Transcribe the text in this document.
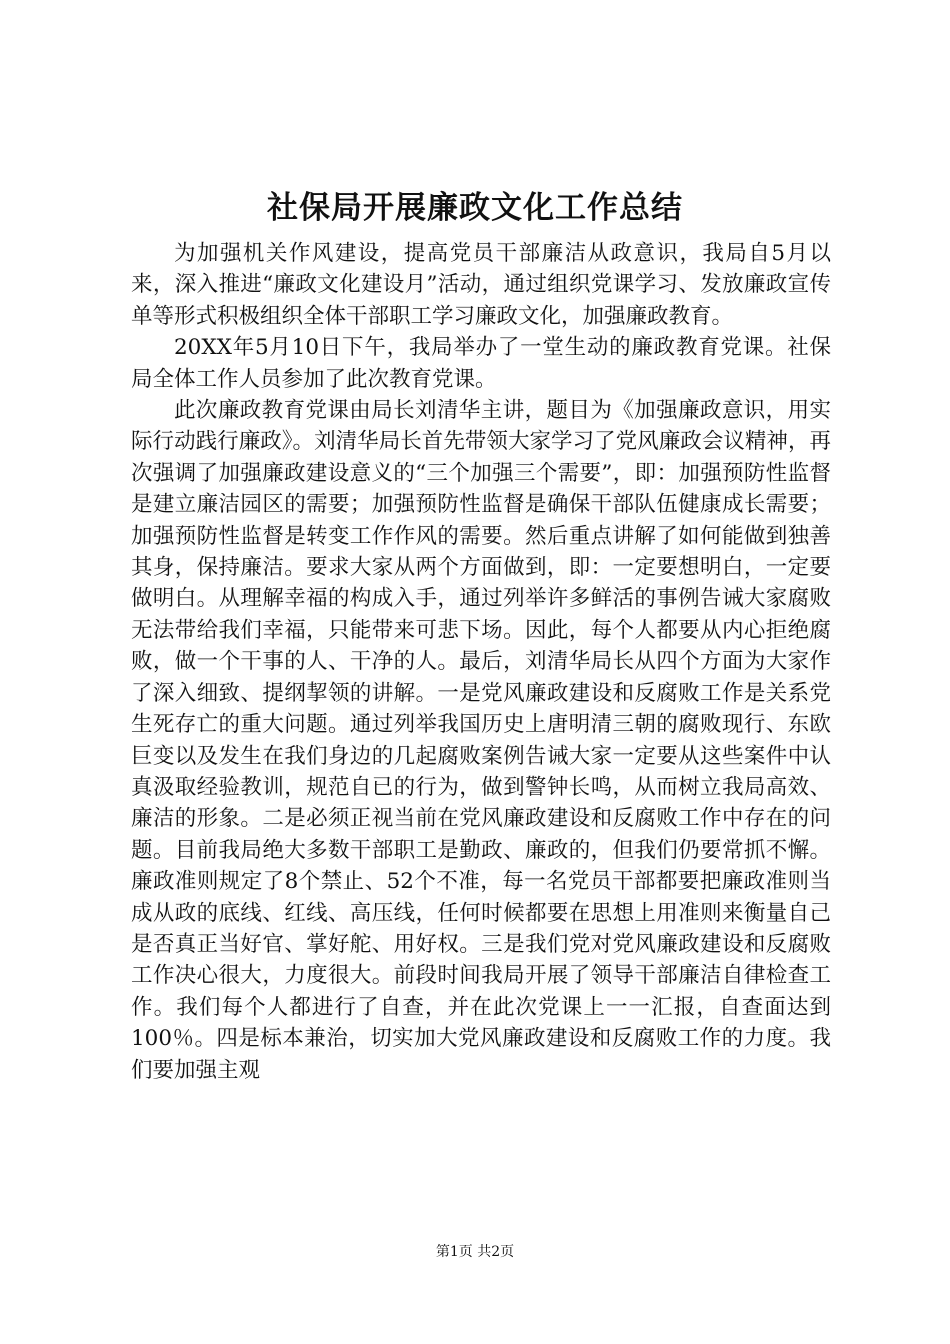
社保局开展廉政文化工作总结

为加强机关作风建设，提高党员干部廉洁从政意识，我局自5月以来，深入推进“廉政文化建设月”活动，通过组织党课学习、发放廉政宣传单等形式积极组织全体干部职工学习廉政文化，加强廉政教育。

20XX年5月10日下午，我局举办了一堂生动的廉政教育党课。社保局全体工作人员参加了此次教育党课。

此次廉政教育党课由局长刘清华主讲，题目为《加强廉政意识，用实际行动践行廉政》。刘清华局长首先带领大家学习了党风廉政会议精神，再次强调了加强廉政建设意义的“三个加强三个需要”，即：加强预防性监督是建立廉洁园区的需要；加强预防性监督是确保干部队伍健康成长需要；加强预防性监督是转变工作作风的需要。然后重点讲解了如何能做到独善其身，保持廉洁。要求大家从两个方面做到，即：一定要想明白，一定要做明白。从理解幸福的构成入手，通过列举许多鲜活的事例告诫大家腐败无法带给我们幸福，只能带来可悲下场。因此，每个人都要从内心拒绝腐败，做一个干事的人、干净的人。最后，刘清华局长从四个方面为大家作了深入细致、提纲挈领的讲解。一是党风廉政建设和反腐败工作是关系党生死存亡的重大问题。通过列举我国历史上唐明清三朝的腐败现行、东欧巨变以及发生在我们身边的几起腐败案例告诫大家一定要从这些案件中认真汲取经验教训，规范自已的行为，做到警钟长鸣，从而树立我局高效、廉洁的形象。二是必须正视当前在党风廉政建设和反腐败工作中存在的问题。目前我局绝大多数干部职工是勤政、廉政的，但我们仍要常抓不懈。廉政准则规定了8个禁止、52个不准，每一名党员干部都要把廉政准则当成从政的底线、红线、高压线，任何时候都要在思想上用准则来衡量自己是否真正当好官、掌好舵、用好权。三是我们党对党风廉政建设和反腐败工作决心很大，力度很大。前段时间我局开展了领导干部廉洁自律检查工作。我们每个人都进行了自查，并在此次党课上一一汇报，自查面达到100％。四是标本兼治，切实加大党风廉政建设和反腐败工作的力度。我们要加强主观

第1页 共2页
